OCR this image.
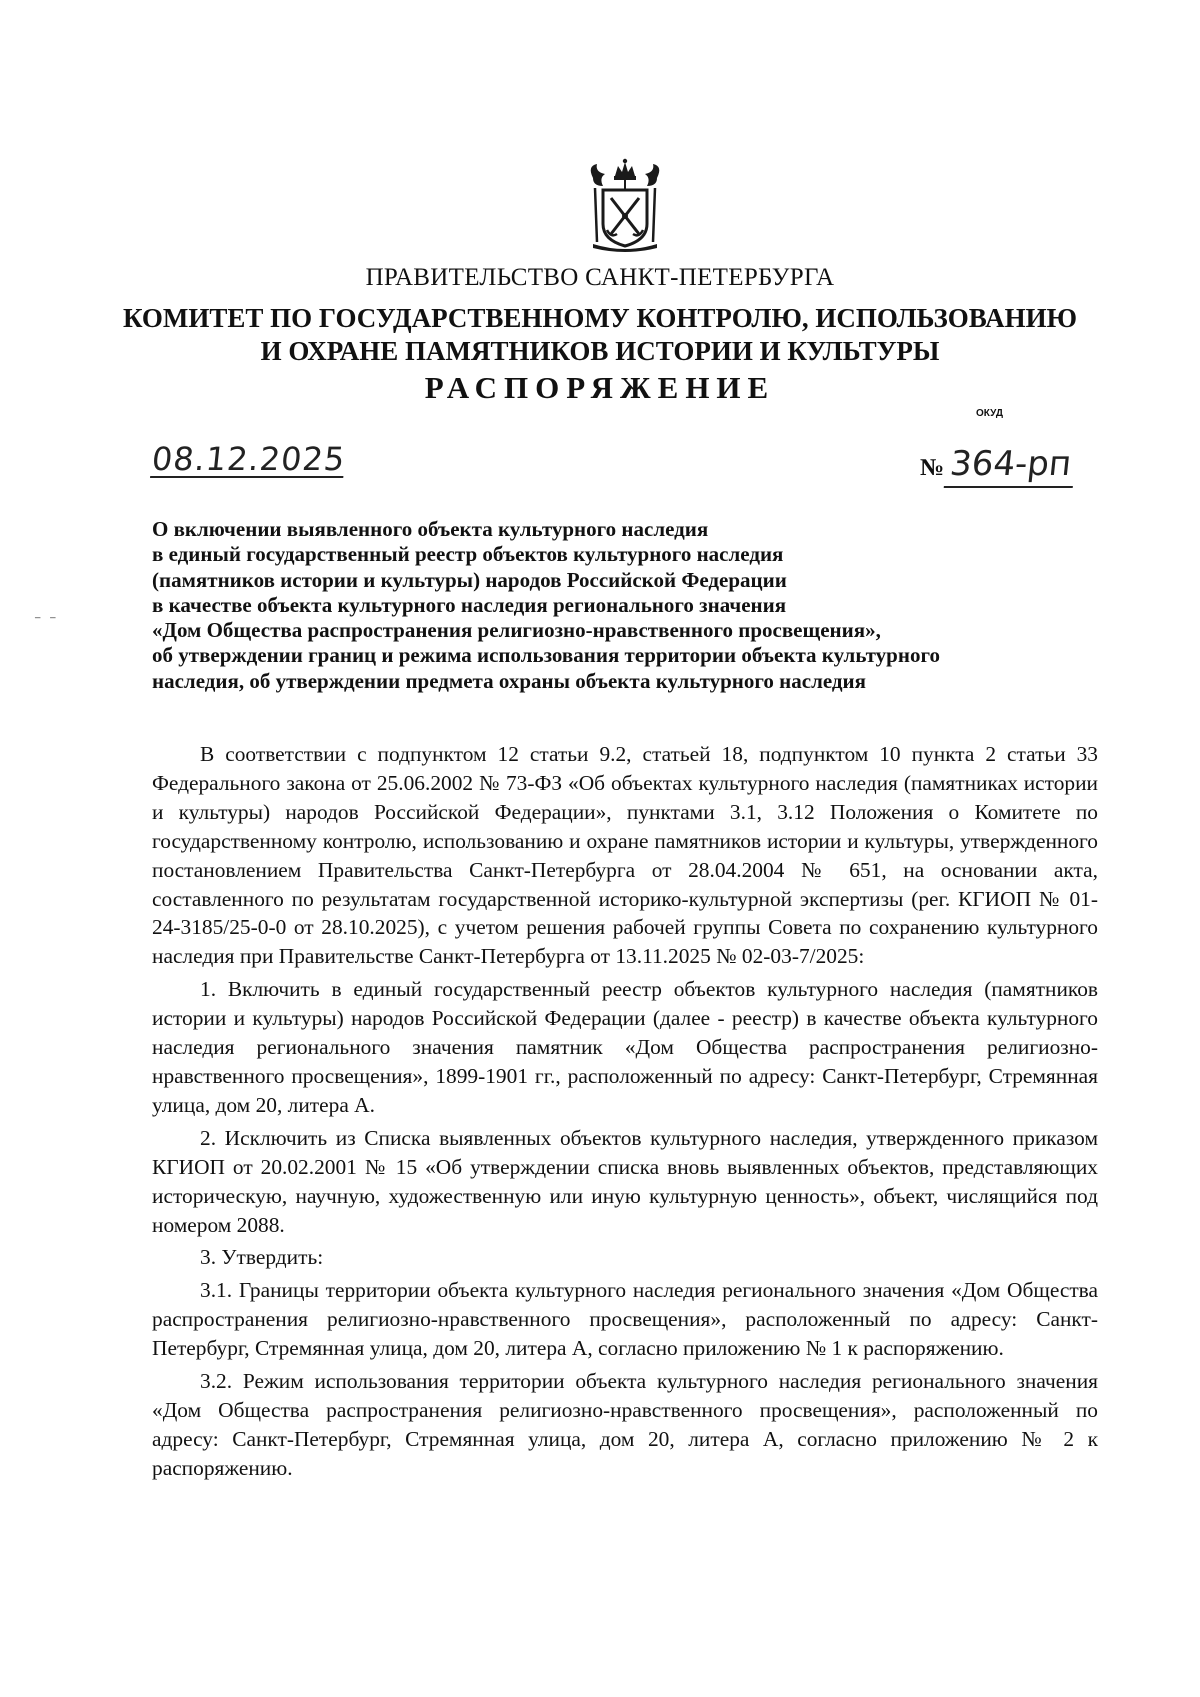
ПРАВИТЕЛЬСТВО САНКТ-ПЕТЕРБУРГА
КОМИТЕТ ПО ГОСУДАРСТВЕННОМУ КОНТРОЛЮ, ИСПОЛЬЗОВАНИЮ
И ОХРАНЕ ПАМЯТНИКОВ ИСТОРИИ И КУЛЬТУРЫ
РАСПОРЯЖЕНИЕ
ОКУД
08.12.2025	№ 364-рп
О включении выявленного объекта культурного наследия
в единый государственный реестр объектов культурного наследия
(памятников истории и культуры) народов Российской Федерации
в качестве объекта культурного наследия регионального значения
«Дом Общества распространения религиозно-нравственного просвещения»,
об утверждении границ и режима использования территории объекта культурного
наследия, об утверждении предмета охраны объекта культурного наследия
⁻  ⁻

В соответствии с подпунктом 12 статьи 9.2, статьей 18, подпунктом 10 пункта 2 статьи 33 Федерального закона от 25.06.2002 № 73-ФЗ «Об объектах культурного наследия (памятниках истории и культуры) народов Российской Федерации», пунктами 3.1, 3.12 Положения о Комитете по государственному контролю, использованию и охране памятников истории и культуры, утвержденного постановлением Правительства Санкт-Петербурга от 28.04.2004 № 651, на основании акта, составленного по результатам государственной историко-культурной экспертизы (рег. КГИОП № 01-24-3185/25-0-0 от 28.10.2025), с учетом решения рабочей группы Совета по сохранению культурного наследия при Правительстве Санкт-Петербурга от 13.11.2025 № 02-03-7/2025:

1. Включить в единый государственный реестр объектов культурного наследия (памятников истории и культуры) народов Российской Федерации (далее - реестр) в качестве объекта культурного наследия регионального значения памятник «Дом Общества распространения религиозно-нравственного просвещения», 1899-1901 гг., расположенный по адресу: Санкт-Петербург, Стремянная улица, дом 20, литера А.

2. Исключить из Списка выявленных объектов культурного наследия, утвержденного приказом КГИОП от 20.02.2001 № 15 «Об утверждении списка вновь выявленных объектов, представляющих историческую, научную, художественную или иную культурную ценность», объект, числящийся под номером 2088.

3. Утвердить:

3.1. Границы территории объекта культурного наследия регионального значения «Дом Общества распространения религиозно-нравственного просвещения», расположенный по адресу: Санкт-Петербург, Стремянная улица, дом 20, литера А, согласно приложению № 1 к распоряжению.

3.2. Режим использования территории объекта культурного наследия регионального значения «Дом Общества распространения религиозно-нравственного просвещения», расположенный по адресу: Санкт-Петербург, Стремянная улица, дом 20, литера А, согласно приложению № 2 к распоряжению.
